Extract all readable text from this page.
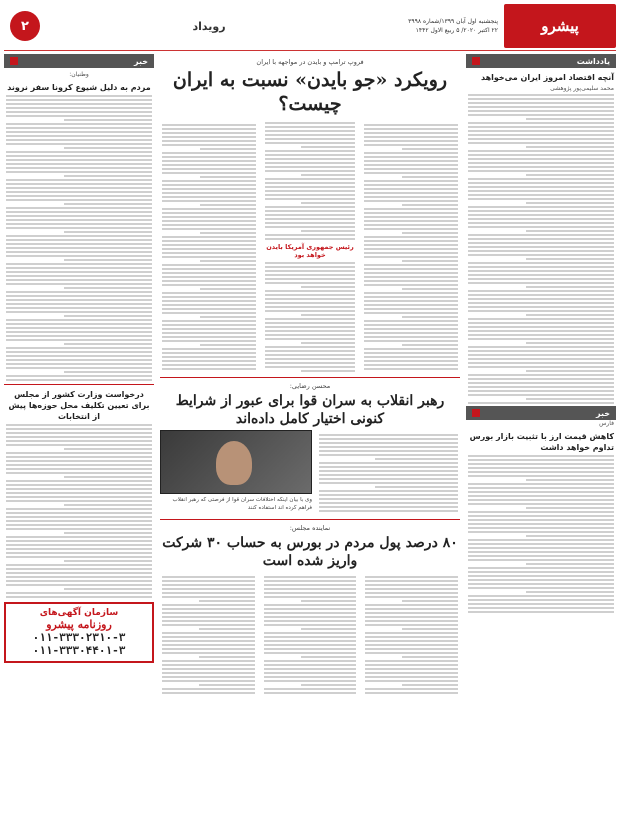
پیشرو
پنجشنبه اول آبان ۱۳۹۹/شماره ۳۹۹۸
۲۲ اکتبر ۲۰۲۰/ ۵ ربیع الاول ۱۴۴۲
رویداد
۲
یادداشت
آنچه اقتصاد امروز ایران می‌خواهد
محمد سلیمی‌پور پژوهشی
خبر
فارس
کاهش قیمت ارز با تثبیت بازار بورس تداوم خواهد داشت
فروپ ترامپ و بایدن در مواجهه با ایران
رویکرد «جو بایدن» نسبت به ایران چیست؟
رئیس جمهوری آمریکا بایدن خواهد بود
محسن رضایی:
رهبر انقلاب به سران قوا برای عبور از شرایط کنونی اختیار کامل داده‌اند
وی با بیان اینکه اختلافات سران قوا از فرصتی که رهبر انقلاب فراهم کرده اند استفاده کنند
نماینده مجلس:
۸۰ درصد پول مردم در بورس به حساب ۳۰ شرکت واریز شده است
خبر
وطنیان:
مردم به دلیل شیوع کرونا سفر نروند
درخواست وزارت کشور از مجلس برای تعیین تکلیف محل حوزه‌ها پیش از انتخابات
سازمان آگهی‌های
روزنامه پیشرو
۰۱۱-۳۳۳۰۲۳۱۰-۳
۰۱۱-۳۳۳۰۴۴۰۱-۳
